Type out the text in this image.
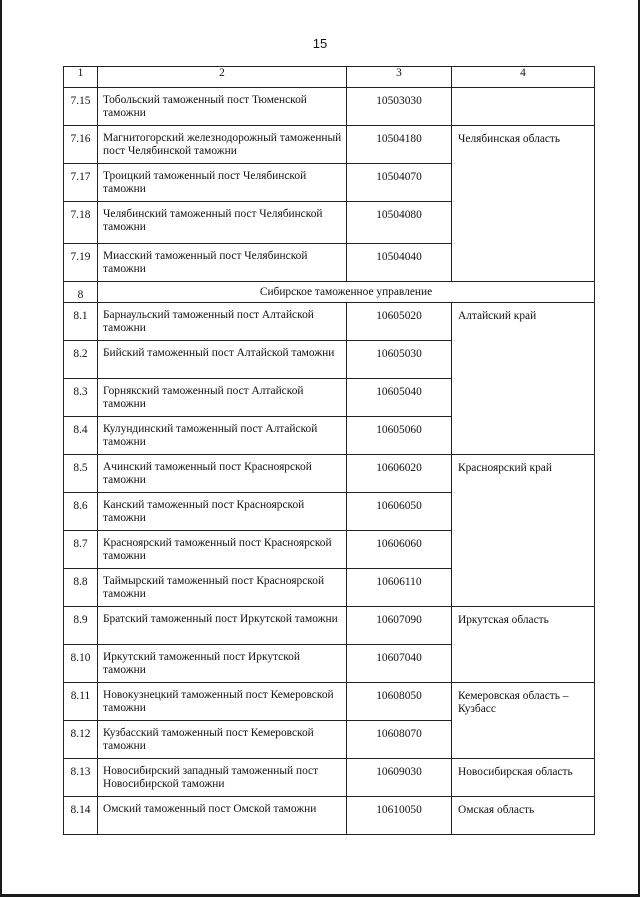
15
1	2	3	4
7.15	Тобольский таможенный пост Тюменской таможни	10503030	
7.16	Магнитогорский железнодорожный таможенный пост Челябинской таможни	10504180	Челябинская область
7.17	Троицкий таможенный пост Челябинской таможни	10504070	
7.18	Челябинский таможенный пост Челябинской таможни	10504080	
7.19	Миасский таможенный пост Челябинской таможни	10504040	
8	Сибирское таможенное управление		
8.1	Барнаульский таможенный пост Алтайской таможни	10605020	Алтайский край
8.2	Бийский таможенный пост Алтайской таможни	10605030	
8.3	Горнякский таможенный пост Алтайской таможни	10605040	
8.4	Кулундинский таможенный пост Алтайской таможни	10605060	
8.5	Ачинский таможенный пост Красноярской таможни	10606020	Красноярский край
8.6	Канский таможенный пост Красноярской таможни	10606050	
8.7	Красноярский таможенный пост Красноярской таможни	10606060	
8.8	Таймырский таможенный пост Красноярской таможни	10606110	
8.9	Братский таможенный пост Иркутской таможни	10607090	Иркутская область
8.10	Иркутский таможенный пост Иркутской таможни	10607040	
8.11	Новокузнецкий таможенный пост Кемеровской таможни	10608050	Кемеровская область – Кузбасс
8.12	Кузбасский таможенный пост Кемеровской таможни	10608070	
8.13	Новосибирский западный таможенный пост Новосибирской таможни	10609030	Новосибирская область
8.14	Омский таможенный пост Омской таможни	10610050	Омская область
